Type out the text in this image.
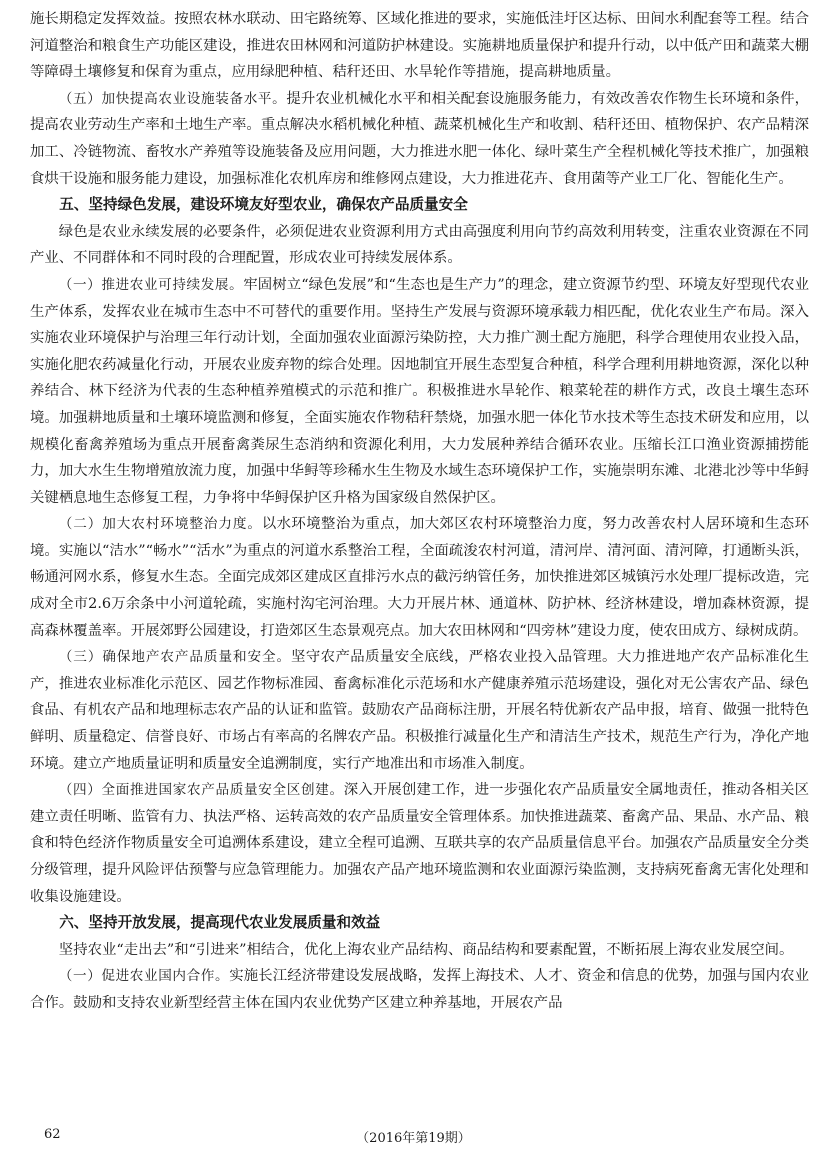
施长期稳定发挥效益。按照农林水联动、田宅路统筹、区域化推进的要求，实施低洼圩区达标、田间水利配套等工程。结合河道整治和粮食生产功能区建设，推进农田林网和河道防护林建设。实施耕地质量保护和提升行动，以中低产田和蔬菜大棚等障碍土壤修复和保育为重点，应用绿肥种植、秸秆还田、水旱轮作等措施，提高耕地质量。

（五）加快提高农业设施装备水平。提升农业机械化水平和相关配套设施服务能力，有效改善农作物生长环境和条件，提高农业劳动生产率和土地生产率。重点解决水稻机械化种植、蔬菜机械化生产和收割、秸秆还田、植物保护、农产品精深加工、冷链物流、畜牧水产养殖等设施装备及应用问题，大力推进水肥一体化、绿叶菜生产全程机械化等技术推广，加强粮食烘干设施和服务能力建设，加强标准化农机库房和维修网点建设，大力推进花卉、食用菌等产业工厂化、智能化生产。

五、坚持绿色发展，建设环境友好型农业，确保农产品质量安全

绿色是农业永续发展的必要条件，必须促进农业资源利用方式由高强度利用向节约高效利用转变，注重农业资源在不同产业、不同群体和不同时段的合理配置，形成农业可持续发展体系。

（一）推进农业可持续发展。牢固树立“绿色发展”和“生态也是生产力”的理念，建立资源节约型、环境友好型现代农业生产体系，发挥农业在城市生态中不可替代的重要作用。坚持生产发展与资源环境承载力相匹配，优化农业生产布局。深入实施农业环境保护与治理三年行动计划，全面加强农业面源污染防控，大力推广测土配方施肥，科学合理使用农业投入品，实施化肥农药减量化行动，开展农业废弃物的综合处理。因地制宜开展生态型复合种植，科学合理利用耕地资源，深化以种养结合、林下经济为代表的生态种植养殖模式的示范和推广。积极推进水旱轮作、粮菜轮茬的耕作方式，改良土壤生态环境。加强耕地质量和土壤环境监测和修复，全面实施农作物秸秆禁烧，加强水肥一体化节水技术等生态技术研发和应用，以规模化畜禽养殖场为重点开展畜禽粪尿生态消纳和资源化利用，大力发展种养结合循环农业。压缩长江口渔业资源捕捞能力，加大水生生物增殖放流力度，加强中华鲟等珍稀水生生物及水域生态环境保护工作，实施崇明东滩、北港北沙等中华鲟关键栖息地生态修复工程，力争将中华鲟保护区升格为国家级自然保护区。

（二）加大农村环境整治力度。以水环境整治为重点，加大郊区农村环境整治力度，努力改善农村人居环境和生态环境。实施以“洁水”“畅水”“活水”为重点的河道水系整治工程，全面疏浚农村河道，清河岸、清河面、清河障，打通断头浜，畅通河网水系，修复水生态。全面完成郊区建成区直排污水点的截污纳管任务，加快推进郊区城镇污水处理厂提标改造，完成对全市2.6万余条中小河道轮疏，实施村沟宅河治理。大力开展片林、通道林、防护林、经济林建设，增加森林资源，提高森林覆盖率。开展郊野公园建设，打造郊区生态景观亮点。加大农田林网和“四旁林”建设力度，使农田成方、绿树成荫。

（三）确保地产农产品质量和安全。坚守农产品质量安全底线，严格农业投入品管理。大力推进地产农产品标准化生产，推进农业标准化示范区、园艺作物标准园、畜禽标准化示范场和水产健康养殖示范场建设，强化对无公害农产品、绿色食品、有机农产品和地理标志农产品的认证和监管。鼓励农产品商标注册，开展名特优新农产品申报，培育、做强一批特色鲜明、质量稳定、信誉良好、市场占有率高的名牌农产品。积极推行减量化生产和清洁生产技术，规范生产行为，净化产地环境。建立产地质量证明和质量安全追溯制度，实行产地准出和市场准入制度。

（四）全面推进国家农产品质量安全区创建。深入开展创建工作，进一步强化农产品质量安全属地责任，推动各相关区建立责任明晰、监管有力、执法严格、运转高效的农产品质量安全管理体系。加快推进蔬菜、畜禽产品、果品、水产品、粮食和特色经济作物质量安全可追溯体系建设，建立全程可追溯、互联共享的农产品质量信息平台。加强农产品质量安全分类分级管理，提升风险评估预警与应急管理能力。加强农产品产地环境监测和农业面源污染监测，支持病死畜禽无害化处理和收集设施建设。

六、坚持开放发展，提高现代农业发展质量和效益

坚持农业“走出去”和“引进来”相结合，优化上海农业产品结构、商品结构和要素配置，不断拓展上海农业发展空间。

（一）促进农业国内合作。实施长江经济带建设发展战略，发挥上海技术、人才、资金和信息的优势，加强与国内农业合作。鼓励和支持农业新型经营主体在国内农业优势产区建立种养基地，开展农产品

62	（2016年第19期）
